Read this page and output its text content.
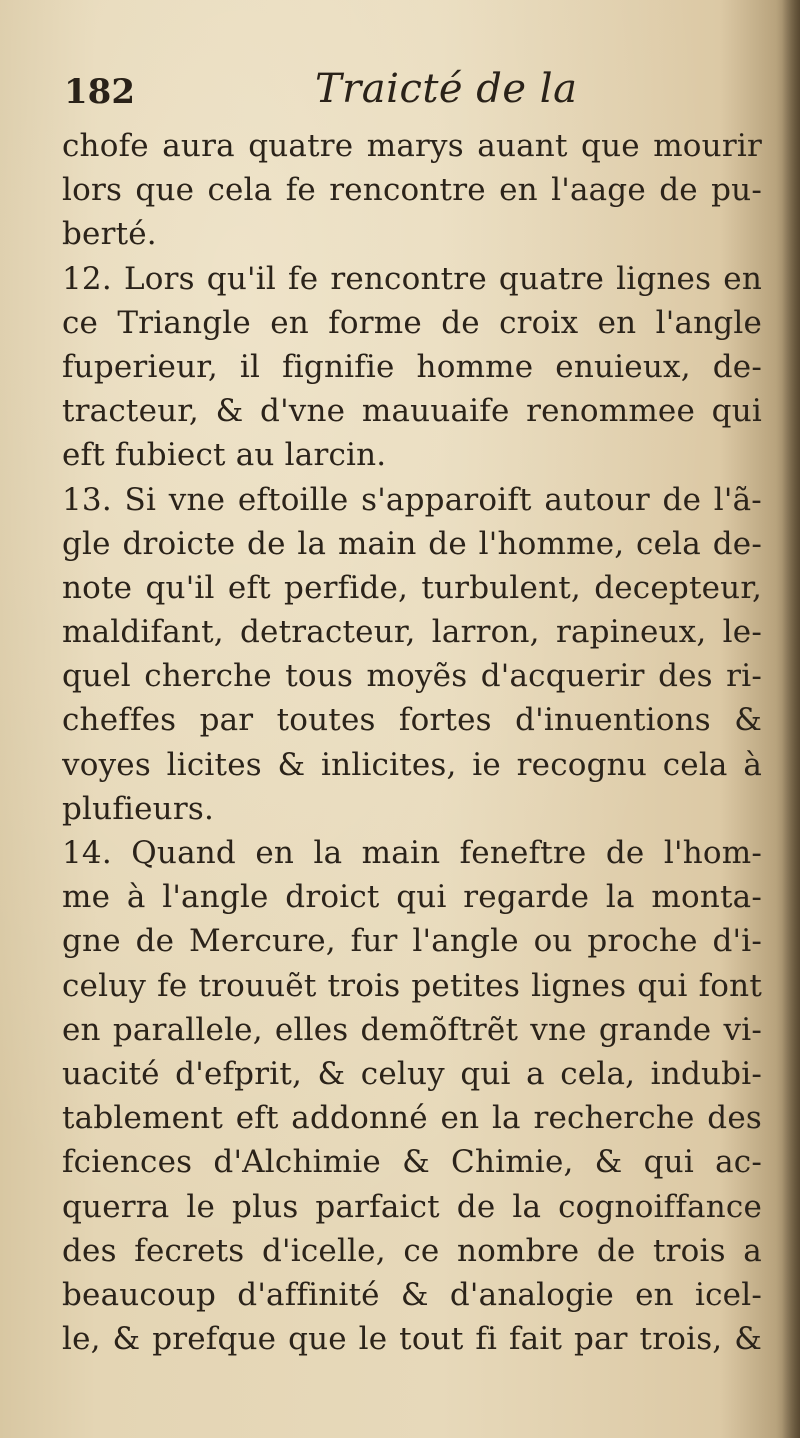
182	Traicté de la
chofe aura quatre marys auant que mourir
lors que cela fe rencontre en l'aage de pu-
berté.
12. Lors qu'il fe rencontre quatre lignes en
ce Triangle en forme de croix en l'angle
fuperieur, il fignifie homme enuieux, de-
tracteur, & d'vne mauuaife renommee qui
eft fubiect au larcin.
13. Si vne eftoille s'apparoift autour de l'ã-
gle droicte de la main de l'homme, cela de-
note qu'il eft perfide, turbulent, decepteur,
maldifant, detracteur, larron, rapineux, le-
quel cherche tous moyẽs d'acquerir des ri-
cheffes par toutes fortes d'inuentions &
voyes licites & inlicites, ie recognu cela à
plufieurs.
14. Quand en la main feneftre de l'hom-
me à l'angle droict qui regarde la monta-
gne de Mercure, fur l'angle ou proche d'i-
celuy fe trouuẽt trois petites lignes qui font
en parallele, elles demõftrẽt vne grande vi-
uacité d'efprit, & celuy qui a cela, indubi-
tablement eft addonné en la recherche des
fciences d'Alchimie & Chimie, & qui ac-
querra le plus parfaict de la cognoiffance
des fecrets d'icelle, ce nombre de trois a
beaucoup d'affinité & d'analogie en icel-
le, & prefque que le tout fi fait par trois, &
